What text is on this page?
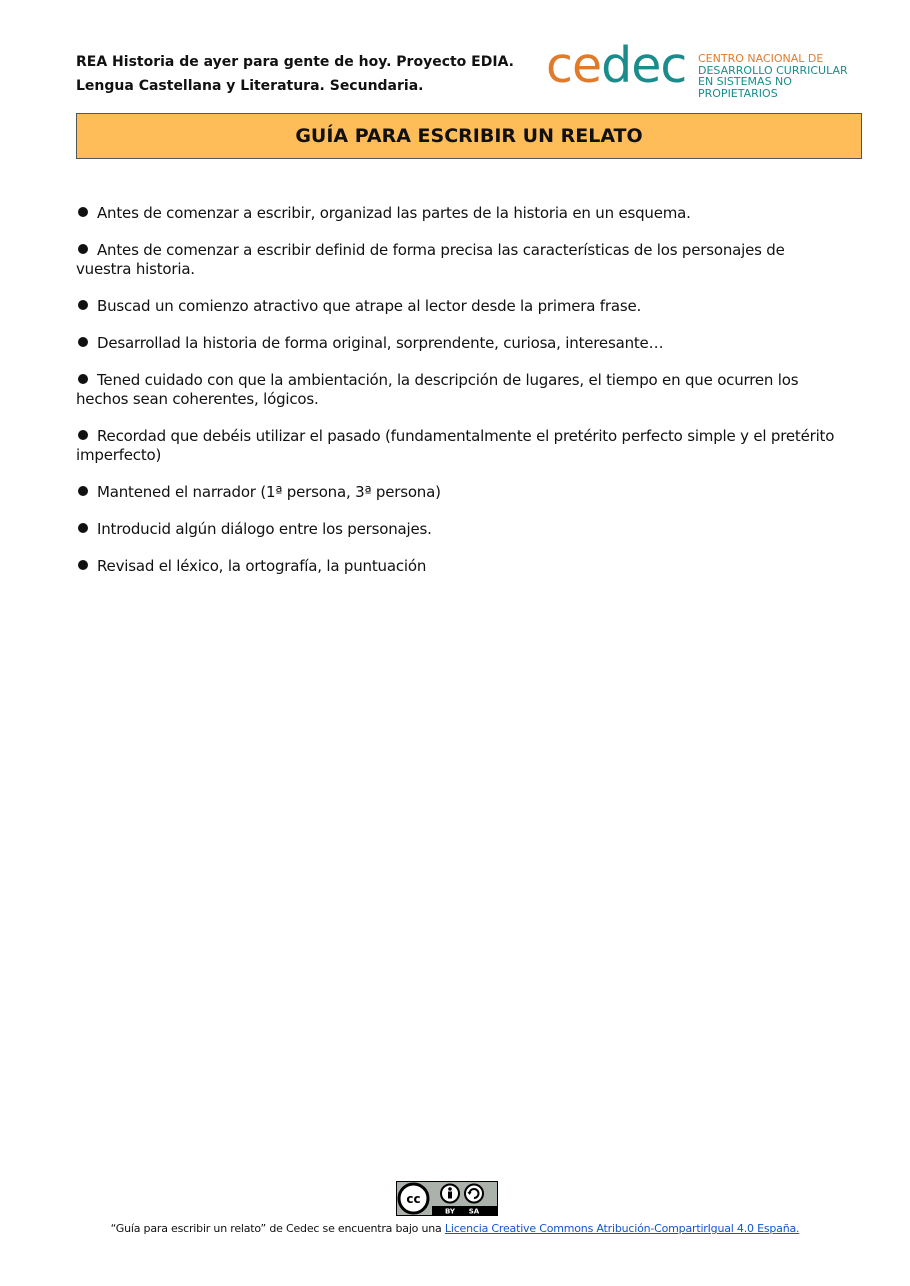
REA Historia de ayer para gente de hoy. Proyecto EDIA.
Lengua Castellana y Literatura. Secundaria.	cedec CENTRO NACIONAL DE
DESARROLLO CURRICULAR
EN SISTEMAS NO PROPIETARIOS
GUÍA PARA ESCRIBIR UN RELATO
Antes de comenzar a escribir, organizad las partes de la historia en un esquema.
Antes de comenzar a escribir definid de forma precisa las características de los personajes de vuestra historia.
Buscad un comienzo atractivo que atrape al lector desde la primera frase.
Desarrollad la historia de forma original, sorprendente, curiosa, interesante…
Tened cuidado con que la ambientación, la descripción de lugares, el tiempo en que ocurren los hechos sean coherentes, lógicos.
Recordad que debéis utilizar el pasado (fundamentalmente el pretérito perfecto simple y el pretérito imperfecto)
Mantened el narrador (1ª persona, 3ª persona)
Introducid algún diálogo entre los personajes.
Revisad el léxico, la ortografía, la puntuación
cc
BY SA
“Guía para escribir un relato” de Cedec se encuentra bajo una Licencia Creative Commons Atribución-CompartirIgual 4.0 España.
